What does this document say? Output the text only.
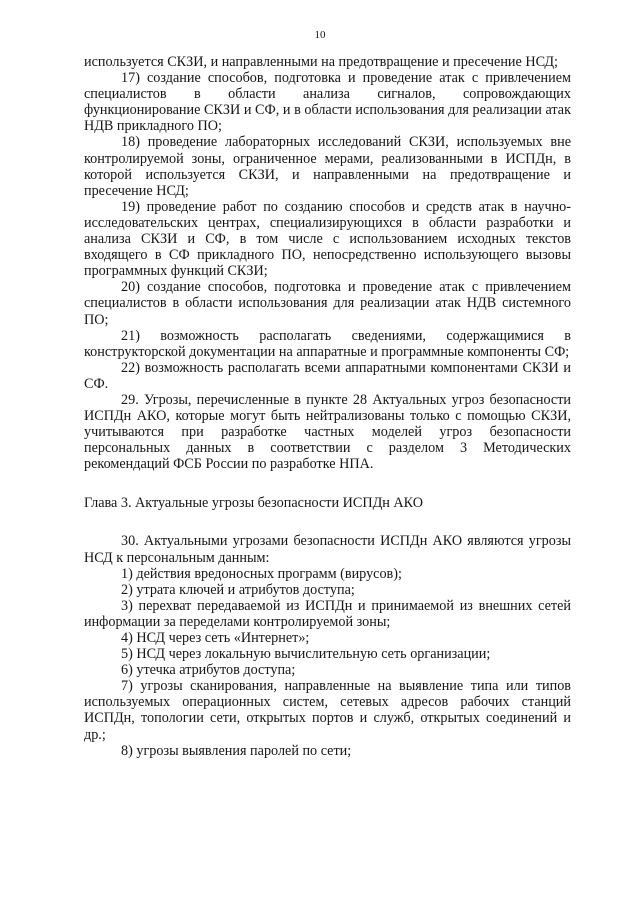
10

используется СКЗИ, и направленными на предотвращение и пресечение НСД;

17) создание способов, подготовка и проведение атак с привлечением специалистов в области анализа сигналов, сопровождающих функционирование СКЗИ и СФ, и в области использования для реализации атак НДВ прикладного ПО;

18) проведение лабораторных исследований СКЗИ, используемых вне контролируемой зоны, ограниченное мерами, реализованными в ИСПДн, в которой используется СКЗИ, и направленными на предотвращение и пресечение НСД;

19) проведение работ по созданию способов и средств атак в научно-исследовательских центрах, специализирующихся в области разработки и анализа СКЗИ и СФ, в том числе с использованием исходных текстов входящего в СФ прикладного ПО, непосредственно использующего вызовы программных функций СКЗИ;

20) создание способов, подготовка и проведение атак с привлечением специалистов в области использования для реализации атак НДВ системного ПО;

21) возможность располагать сведениями, содержащимися в конструкторской документации на аппаратные и программные компоненты СФ;

22) возможность располагать всеми аппаратными компонентами СКЗИ и СФ.

29. Угрозы, перечисленные в пункте 28 Актуальных угроз безопасности ИСПДн АКО, которые могут быть нейтрализованы только с помощью СКЗИ, учитываются при разработке частных моделей угроз безопасности персональных данных в соответствии с разделом 3 Методических рекомендаций ФСБ России по разработке НПА.

Глава 3. Актуальные угрозы безопасности ИСПДн АКО

30. Актуальными угрозами безопасности ИСПДн АКО являются угрозы НСД к персональным данным:

1) действия вредоносных программ (вирусов);

2) утрата ключей и атрибутов доступа;

3) перехват передаваемой из ИСПДн и принимаемой из внешних сетей информации за переделами контролируемой зоны;

4) НСД через сеть «Интернет»;

5) НСД через локальную вычислительную сеть организации;

6) утечка атрибутов доступа;

7) угрозы сканирования, направленные на выявление типа или типов используемых операционных систем, сетевых адресов рабочих станций ИСПДн, топологии сети, открытых портов и служб, открытых соединений и др.;

8) угрозы выявления паролей по сети;
